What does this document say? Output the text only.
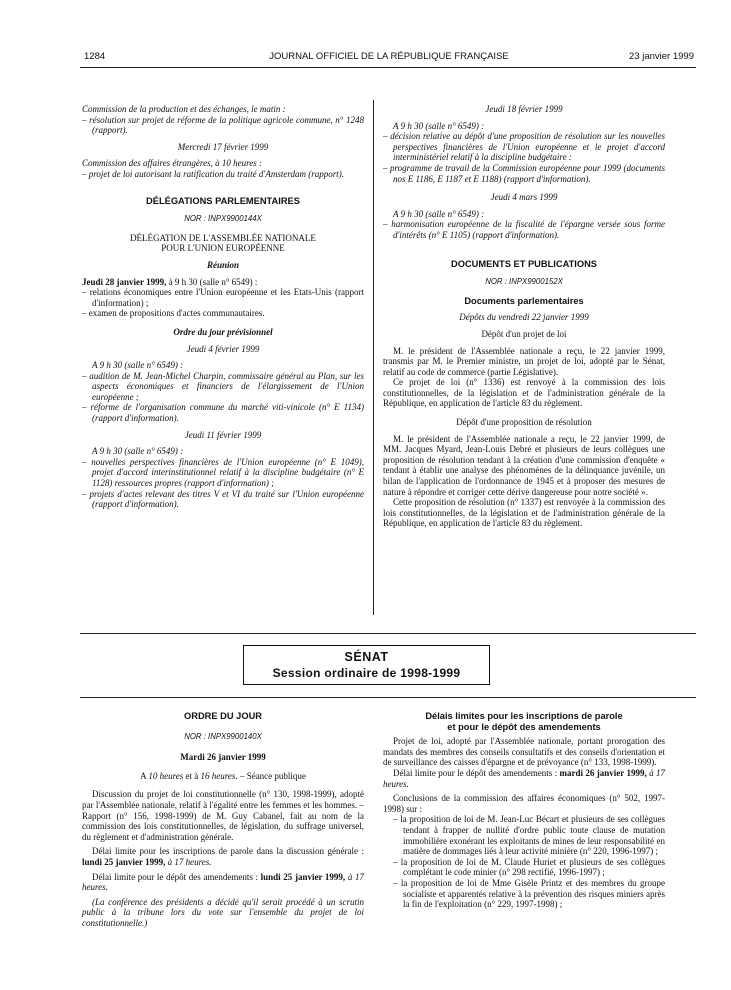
1284	JOURNAL OFFICIEL DE LA RÉPUBLIQUE FRANÇAISE	23 janvier 1999

Commission de la production et des échanges, le matin :

– résolution sur projet de réforme de la politique agricole commune, n° 1248 (rapport).

Mercredi 17 février 1999

Commission des affaires étrangères, à 10 heures :

– projet de loi autorisant la ratification du traité d'Amsterdam (rapport).

DÉLÉGATIONS PARLEMENTAIRES

NOR : INPX9900144X

DÉLÉGATION DE L'ASSEMBLÉE NATIONALE

POUR L'UNION EUROPÉENNE

Réunion

Jeudi 28 janvier 1999, à 9 h 30 (salle n° 6549) :

– relations économiques entre l'Union européenne et les Etats-Unis (rapport d'information) ;

– examen de propositions d'actes communautaires.

Ordre du jour prévisionnel

Jeudi 4 février 1999

A 9 h 30 (salle n° 6549) :

– audition de M. Jean-Michel Charpin, commissaire général au Plan, sur les aspects économiques et financiers de l'élargissement de l'Union européenne ;

– réforme de l'organisation commune du marché viti-vinicole (n° E 1134) (rapport d'information).

Jeudi 11 février 1999

A 9 h 30 (salle n° 6549) :

– nouvelles perspectives financières de l'Union européenne (n° E 1049), projet d'accord interinstitutionnel relatif à la discipline budgétaire (n° E 1128) ressources propres (rapport d'information) ;

– projets d'actes relevant des titres V et VI du traité sur l'Union européenne (rapport d'information).

Jeudi 18 février 1999

A 9 h 30 (salle n° 6549) :

– décision relative au dépôt d'une proposition de résolution sur les nouvelles perspectives financières de l'Union européenne et le projet d'accord interministériel relatif à la discipline budgétaire :

– programme de travail de la Commission européenne pour 1999 (documents nos E 1186, E 1187 et E 1188) (rapport d'information).

Jeudi 4 mars 1999

A 9 h 30 (salle n° 6549) :

– harmonisation européenne de la fiscalité de l'épargne versée sous forme d'intérêts (n° E 1105) (rapport d'information).

DOCUMENTS ET PUBLICATIONS

NOR : INPX9900152X

Documents parlementaires

Dépôts du vendredi 22 janvier 1999

Dépôt d'un projet de loi

M. le président de l'Assemblée nationale a reçu, le 22 janvier 1999, transmis par M. le Premier ministre, un projet de loi, adopté par le Sénat, relatif au code de commerce (partie Législative).

Ce projet de loi (n° 1336) est renvoyé à la commission des lois constitutionnelles, de la législation et de l'administration générale de la République, en application de l'article 83 du règlement.

Dépôt d'une proposition de résolution

M. le président de l'Assemblée nationale a reçu, le 22 janvier 1999, de MM. Jacques Myard, Jean-Louis Debré et plusieurs de leurs collègues une proposition de résolution tendant à la création d'une commission d'enquête « tendant à établir une analyse des phénomènes de la délinquance juvénile, un bilan de l'application de l'ordonnance de 1945 et à proposer des mesures de nature à répondre et corriger cette dérive dangereuse pour notre société ».

Cette proposition de résolution (n° 1337) est renvoyée à la commission des lois constitutionnelles, de la législation et de l'administration générale de la République, en application de l'article 83 du règlement.

SÉNAT
Session ordinaire de 1998-1999

ORDRE DU JOUR

NOR : INPX9900140X

Mardi 26 janvier 1999

A 10 heures et à 16 heures. – Séance publique

Discussion du projet de loi constitutionnelle (n° 130, 1998-1999), adopté par l'Assemblée nationale, relatif à l'égalité entre les femmes et les hommes. – Rapport (n° 156, 1998-1999) de M. Guy Cabanel, fait au nom de la commission des lois constitutionnelles, de législation, du suffrage universel, du règlement et d'administration générale.

Délai limite pour les inscriptions de parole dans la discussion générale : lundi 25 janvier 1999, à 17 heures.

Délai limite pour le dépôt des amendements : lundi 25 janvier 1999, à 17 heures.

(La conférence des présidents a décidé qu'il serait procédé à un scrutin public à la tribune lors du vote sur l'ensemble du projet de loi constitutionnelle.)

Délais limites pour les inscriptions de parole

et pour le dépôt des amendements

Projet de loi, adopté par l'Assemblée nationale, portant prorogation des mandats des membres des conseils consultatifs et des conseils d'orientation et de surveillance des caisses d'épargne et de prévoyance (n° 133, 1998-1999).

Délai limite pour le dépôt des amendements : mardi 26 janvier 1999, à 17 heures.

Conclusions de la commission des affaires économiques (n° 502, 1997-1998) sur :

– la proposition de loi de M. Jean-Luc Bécart et plusieurs de ses collègues tendant à frapper de nullité d'ordre public toute clause de mutation immobilière exonérant les exploitants de mines de leur responsabilité en matière de dommages liés à leur activité minière (n° 220, 1996-1997) ;

– la proposition de loi de M. Claude Huriet et plusieurs de ses collègues complétant le code minier (n° 298 rectifié, 1996-1997) ;

– la proposition de loi de Mme Gisèle Printz et des membres du groupe socialiste et apparentés relative à la prévention des risques miniers après la fin de l'exploitation (n° 229, 1997-1998) ;
